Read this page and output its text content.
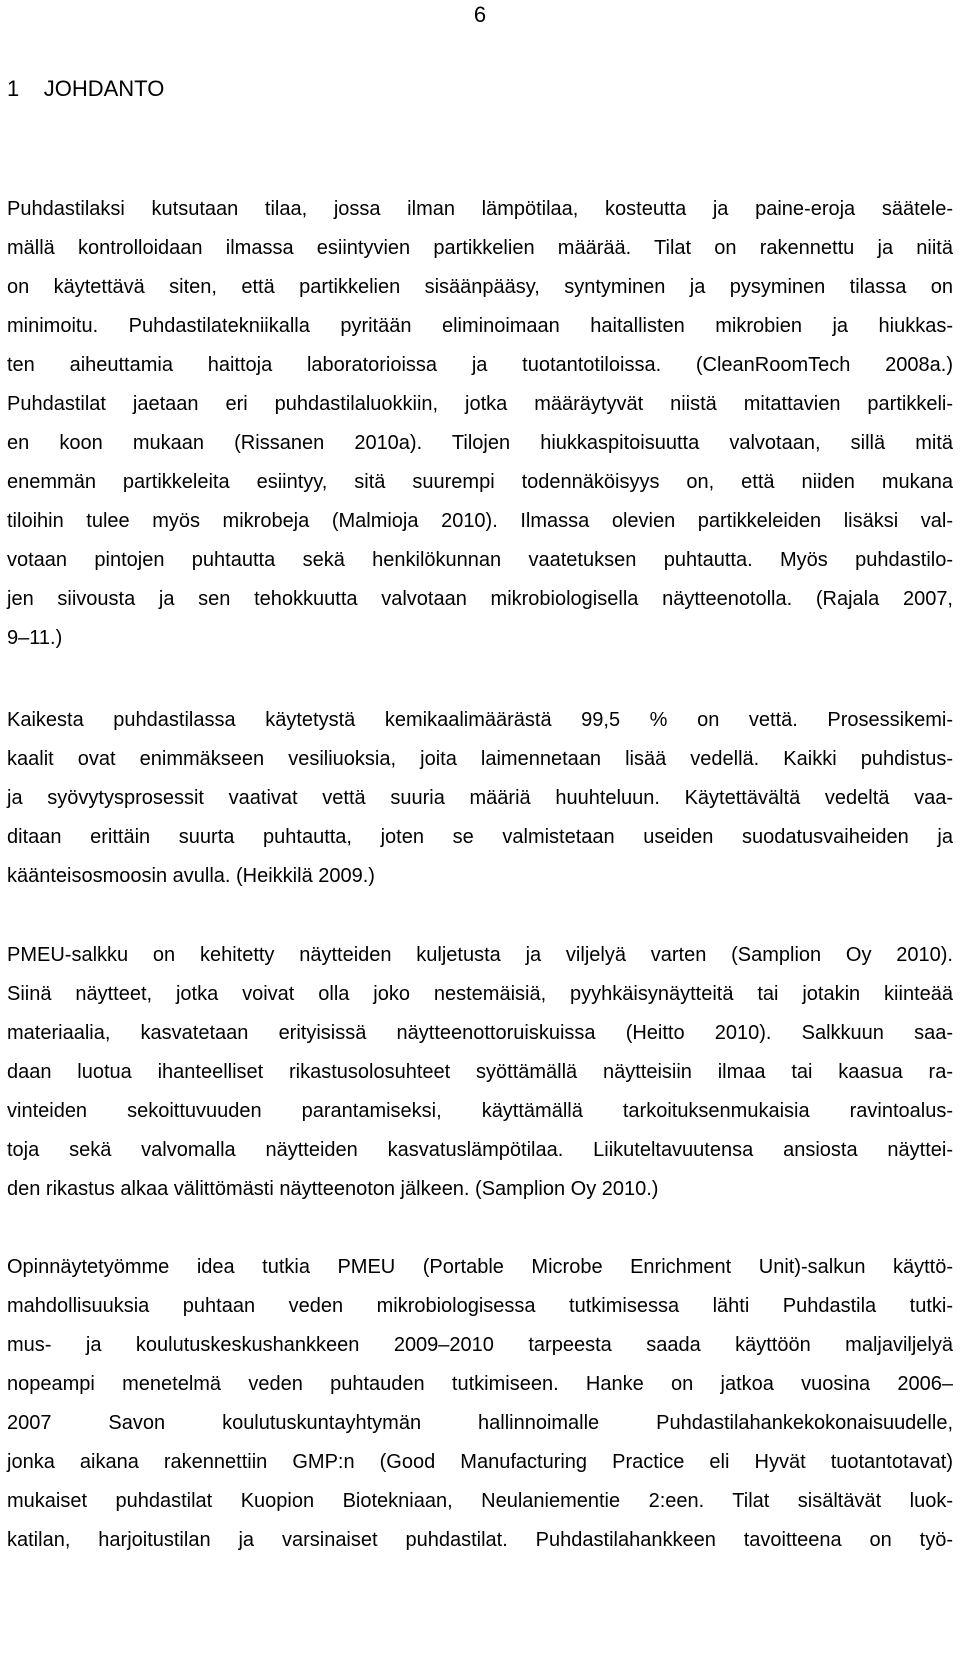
6
1 JOHDANTO
Puhdastilaksi kutsutaan tilaa, jossa ilman lämpötilaa, kosteutta ja paine-eroja säätele-
mällä kontrolloidaan ilmassa esiintyvien partikkelien määrää. Tilat on rakennettu ja niitä
on käytettävä siten, että partikkelien sisäänpääsy, syntyminen ja pysyminen tilassa on
minimoitu. Puhdastilatekniikalla pyritään eliminoimaan haitallisten mikrobien ja hiukkas-
ten aiheuttamia haittoja laboratorioissa ja tuotantotiloissa. (CleanRoomTech 2008a.)
Puhdastilat jaetaan eri puhdastilaluokkiin, jotka määräytyvät niistä mitattavien partikkeli-
en koon mukaan (Rissanen 2010a). Tilojen hiukkaspitoisuutta valvotaan, sillä mitä
enemmän partikkeleita esiintyy, sitä suurempi todennäköisyys on, että niiden mukana
tiloihin tulee myös mikrobeja (Malmioja 2010). Ilmassa olevien partikkeleiden lisäksi val-
votaan pintojen puhtautta sekä henkilökunnan vaatetuksen puhtautta. Myös puhdastilo-
jen siivousta ja sen tehokkuutta valvotaan mikrobiologisella näytteenotolla. (Rajala 2007,
9–11.)
Kaikesta puhdastilassa käytetystä kemikaalimäärästä 99,5 % on vettä. Prosessikemi-
kaalit ovat enimmäkseen vesiliuoksia, joita laimennetaan lisää vedellä. Kaikki puhdistus-
ja syövytysprosessit vaativat vettä suuria määriä huuhteluun. Käytettävältä vedeltä vaa-
ditaan erittäin suurta puhtautta, joten se valmistetaan useiden suodatusvaiheiden ja
käänteisosmoosin avulla. (Heikkilä 2009.)
PMEU-salkku on kehitetty näytteiden kuljetusta ja viljelyä varten (Samplion Oy 2010).
Siinä näytteet, jotka voivat olla joko nestemäisiä, pyyhkäisynäytteitä tai jotakin kiinteää
materiaalia, kasvatetaan erityisissä näytteenottoruiskuissa (Heitto 2010). Salkkuun saa-
daan luotua ihanteelliset rikastusolosuhteet syöttämällä näytteisiin ilmaa tai kaasua ra-
vinteiden sekoittuvuuden parantamiseksi, käyttämällä tarkoituksenmukaisia ravintoalus-
toja sekä valvomalla näytteiden kasvatuslämpötilaa. Liikuteltavuutensa ansiosta näyttei-
den rikastus alkaa välittömästi näytteenoton jälkeen. (Samplion Oy 2010.)
Opinnäytetyömme idea tutkia PMEU (Portable Microbe Enrichment Unit)-salkun käyttö-
mahdollisuuksia puhtaan veden mikrobiologisessa tutkimisessa lähti Puhdastila tutki-
mus- ja koulutuskeskushankkeen 2009–2010 tarpeesta saada käyttöön maljaviljelyä
nopeampi menetelmä veden puhtauden tutkimiseen. Hanke on jatkoa vuosina 2006–
2007 Savon koulutuskuntayhtymän hallinnoimalle Puhdastilahankekokonaisuudelle,
jonka aikana rakennettiin GMP:n (Good Manufacturing Practice eli Hyvät tuotantotavat)
mukaiset puhdastilat Kuopion Biotekniaan, Neulaniementie 2:een. Tilat sisältävät luok-
katilan, harjoitustilan ja varsinaiset puhdastilat. Puhdastilahankkeen tavoitteena on työ-
